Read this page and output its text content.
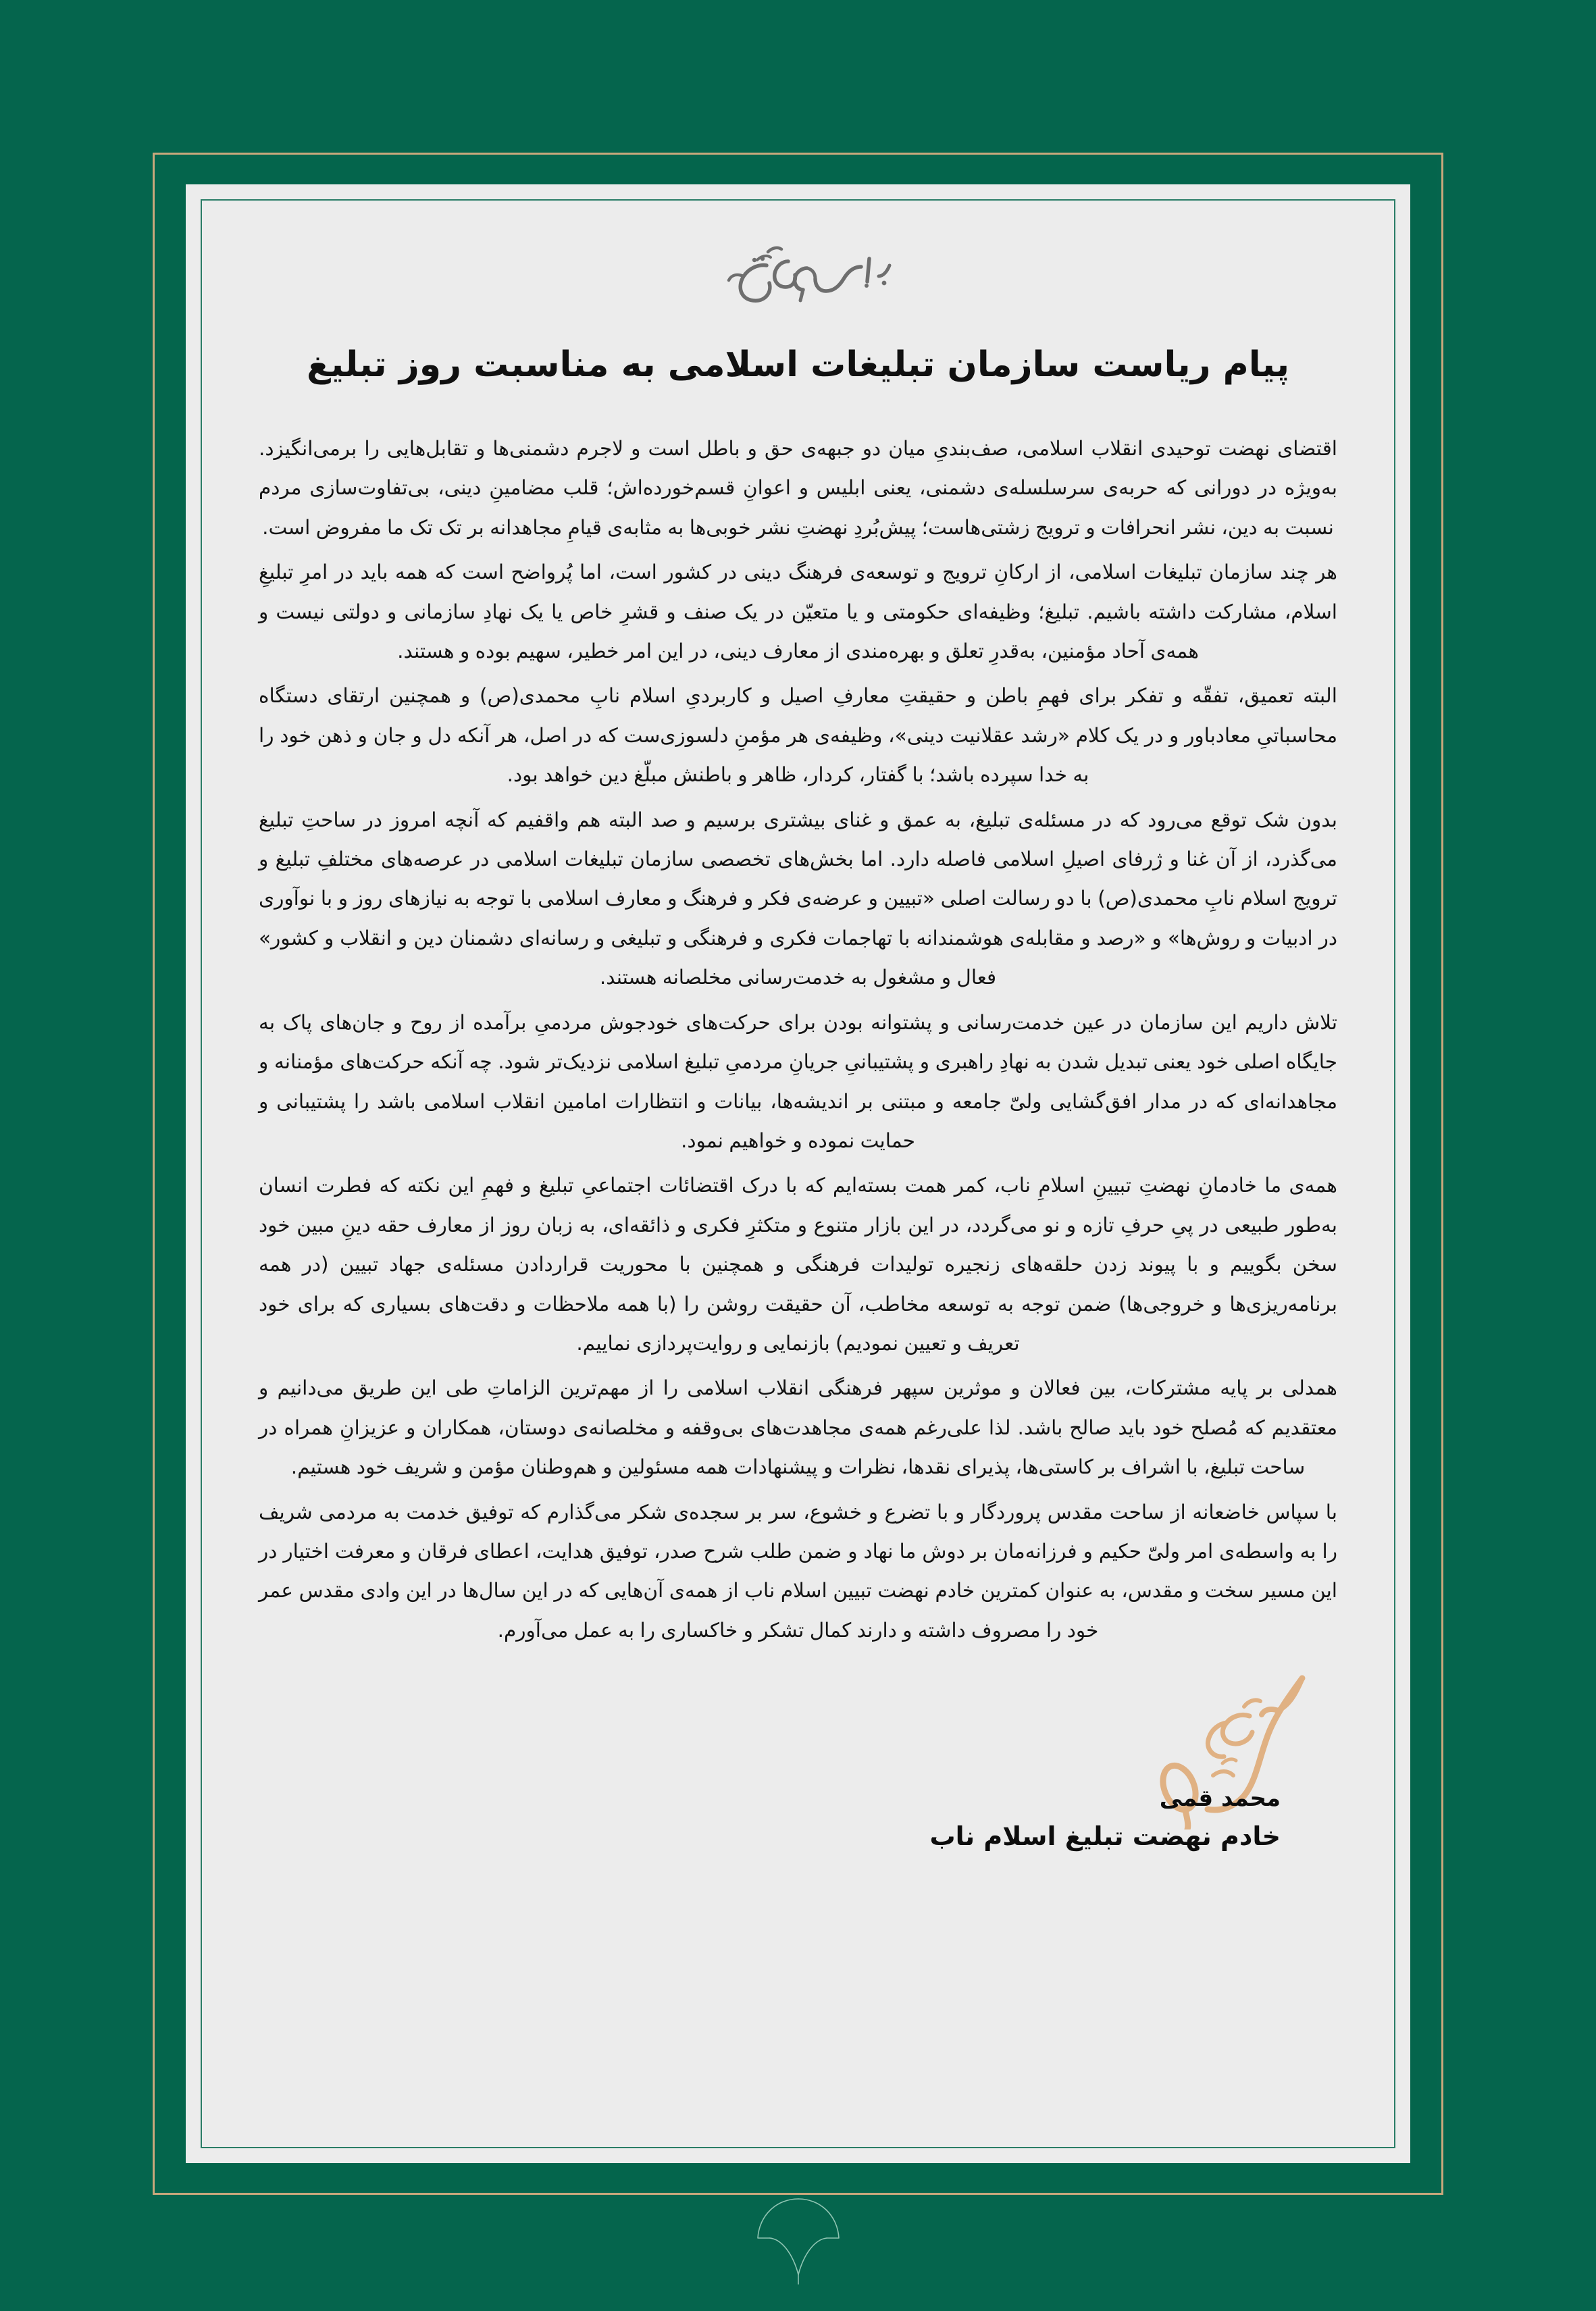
پیام ریاست سازمان تبلیغات اسلامی به مناسبت روز تبلیغ

اقتضای نهضت توحیدی انقلاب اسلامی، صف‌بندیِ میان دو جبهه‌ی حق و باطل است و لاجرم دشمنی‌ها و تقابل‌هایی را برمی‌انگیزد. به‌ویژه در دورانی که حربه‌ی سرسلسله‌ی دشمنی، یعنی ابلیس و اعوانِ قسم‌خورده‌اش؛ قلب مضامینِ دینی، بی‌تفاوت‌سازی مردم نسبت به دین، نشر انحرافات و ترویج زشتی‌هاست؛ پیش‌بُردِ نهضتِ نشر خوبی‌ها به مثابه‌ی قیامِ مجاهدانه بر تک تک ما مفروض است.

هر چند سازمان تبلیغات اسلامی، از ارکانِ ترویج و توسعه‌ی فرهنگ دینی در کشور است، اما پُرواضح است که همه باید در امرِ تبلیغِ اسلام، مشارکت داشته باشیم. تبلیغ؛ وظیفه‌ای حکومتی و یا متعیّن در یک صنف و قشرِ خاص یا یک نهادِ سازمانی و دولتی نیست و همه‌ی آحاد مؤمنین، به‌قدرِ تعلق و بهره‌مندی از معارف دینی، در این امر خطیر، سهیم بوده و هستند.

البته تعمیق، تفقّه و تفکر برای فهمِ باطن و حقیقتِ معارفِ اصیل و کاربردیِ اسلام نابِ محمدی(ص) و همچنین ارتقای دستگاه محاسباتیِ معادباور و در یک کلام «رشد عقلانیت دینی»، وظیفه‌ی هر مؤمنِ دلسوزی‌ست که در اصل، هر آنکه دل و جان و ذهن خود را به خدا سپرده باشد؛ با گفتار، کردار، ظاهر و باطنش مبلّغ دین خواهد بود.

بدون شک توقع می‌رود که در مسئله‌ی تبلیغ، به عمق و غنای بیشتری برسیم و صد البته هم واقفیم که آنچه امروز در ساحتِ تبلیغ می‌گذرد، از آن غنا و ژرفای اصیلِ اسلامی فاصله دارد. اما بخش‌های تخصصی سازمان تبلیغات اسلامی در عرصه‌های مختلفِ تبلیغ و ترویج اسلام نابِ محمدی(ص) با دو رسالت اصلی «تبیین و عرضه‌ی فکر و فرهنگ و معارف اسلامی با توجه به نیازهای روز و با نوآوری در ادبیات و روش‌ها» و «رصد و مقابله‌ی هوشمندانه با تهاجمات فکری و فرهنگی و تبلیغی و رسانه‌ای دشمنان دین و انقلاب و کشور» فعال و مشغول به خدمت‌رسانی مخلصانه هستند.

تلاش داریم این سازمان در عین خدمت‌رسانی و پشتوانه بودن برای حرکت‌های خودجوش مردمیِ برآمده از روح و جان‌های پاک به جایگاه اصلی خود یعنی تبدیل شدن به نهادِ راهبری و پشتیبانیِ جریانِ مردمیِ تبلیغ اسلامی نزدیک‌تر شود. چه آنکه حرکت‌های مؤمنانه و مجاهدانه‌ای که در مدار افق‌گشایی ولیّ جامعه و مبتنی بر اندیشه‌ها، بیانات و انتظارات امامین انقلاب اسلامی باشد را پشتیبانی و حمایت نموده و خواهیم نمود.

همه‌ی ما خادمانِ نهضتِ تبیینِ اسلامِ ناب، کمر همت بسته‌ایم که با درک اقتضائات اجتماعیِ تبلیغ و فهمِ این نکته که فطرت انسان به‌طور طبیعی در پیِ حرفِ تازه و نو می‌گردد، در این بازار متنوع و متکثرِ فکری و ذائقه‌ای، به زبان روز از معارف حقه دینِ مبین خود سخن بگوییم و با پیوند زدن حلقه‌های زنجیره تولیدات فرهنگی و همچنین با محوریت قراردادن مسئله‌ی جهاد تبیین (در همه برنامه‌ریزی‌ها و خروجی‌ها) ضمن توجه به توسعه مخاطب، آن حقیقت روشن را (با همه ملاحظات و دقت‌های بسیاری که برای خود تعریف و تعیین نمودیم) بازنمایی و روایت‌پردازی نماییم.

همدلی بر پایه مشترکات، بین فعالان و موثرین سپهر فرهنگی انقلاب اسلامی را از مهم‌ترین الزاماتِ طی این طریق می‌دانیم و معتقدیم که مُصلح خود باید صالح باشد. لذا علی‌رغم همه‌ی مجاهدت‌های بی‌وقفه و مخلصانه‌ی دوستان، همکاران و عزیزانِ همراه در ساحت تبلیغ، با اشراف بر کاستی‌ها، پذیرای نقدها، نظرات و پیشنهادات همه مسئولین و هم‌وطنان مؤمن و شریف خود هستیم.

با سپاس خاضعانه از ساحت مقدس پروردگار و با تضرع و خشوع، سر بر سجده‌ی شکر می‌گذارم که توفیق خدمت به مردمی شریف را به واسطه‌ی امر ولیّ حکیم و فرزانه‌مان بر دوش ما نهاد و ضمن طلب شرح صدر، توفیق هدایت، اعطای فرقان و معرفت اختیار در این مسیر سخت و مقدس، به عنوان کمترین خادم نهضت تبیین اسلام ناب از همه‌ی آن‌هایی که در این سال‌ها در این وادی مقدس عمر خود را مصروف داشته و دارند کمال تشکر و خاکساری را به عمل می‌آورم.

محمد قمی
خادم نهضت تبلیغ اسلام ناب
